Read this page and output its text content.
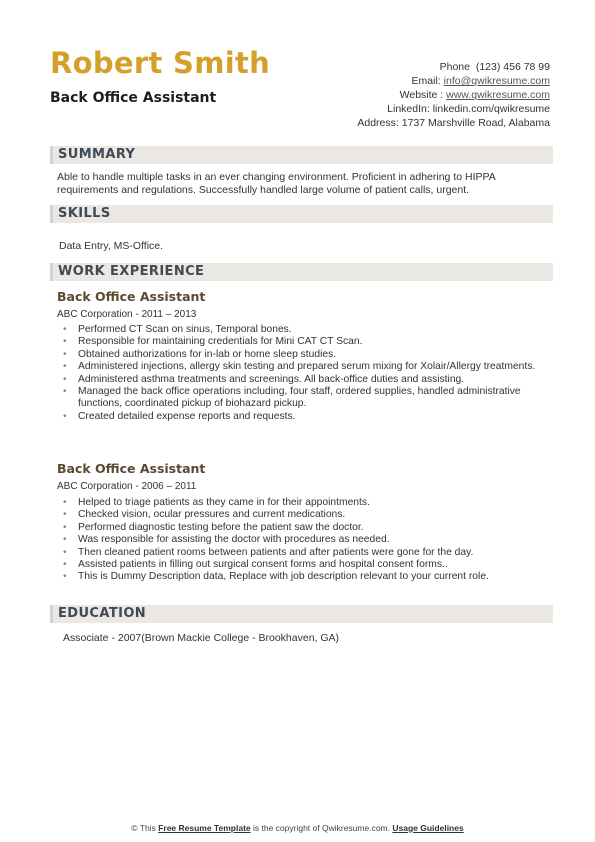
Robert Smith
Back Office Assistant
Phone (123) 456 78 99
Email: info@qwikresume.com
Website : www.qwikresume.com
LinkedIn: linkedin.com/qwikresume
Address: 1737 Marshville Road, Alabama
SUMMARY
Able to handle multiple tasks in an ever changing environment. Proficient in adhering to HIPPA
requirements and regulations. Successfully handled large volume of patient calls, urgent.
SKILLS
Data Entry, MS-Office.
WORK EXPERIENCE
Back Office Assistant
ABC Corporation - 2011 – 2013
• Performed CT Scan on sinus, Temporal bones.
• Responsible for maintaining credentials for Mini CAT CT Scan.
• Obtained authorizations for in-lab or home sleep studies.
• Administered injections, allergy skin testing and prepared serum mixing for Xolair/Allergy treatments.
• Administered asthma treatments and screenings. All back-office duties and assisting.
• Managed the back office operations including, four staff, ordered supplies, handled administrative functions, coordinated pickup of biohazard pickup.
• Created detailed expense reports and requests.
Back Office Assistant
ABC Corporation - 2006 – 2011
• Helped to triage patients as they came in for their appointments.
• Checked vision, ocular pressures and current medications.
• Performed diagnostic testing before the patient saw the doctor.
• Was responsible for assisting the doctor with procedures as needed.
• Then cleaned patient rooms between patients and after patients were gone for the day.
• Assisted patients in filling out surgical consent forms and hospital consent forms..
• This is Dummy Description data, Replace with job description relevant to your current role.
EDUCATION
Associate - 2007(Brown Mackie College - Brookhaven, GA)
© This Free Resume Template is the copyright of Qwikresume.com. Usage Guidelines
